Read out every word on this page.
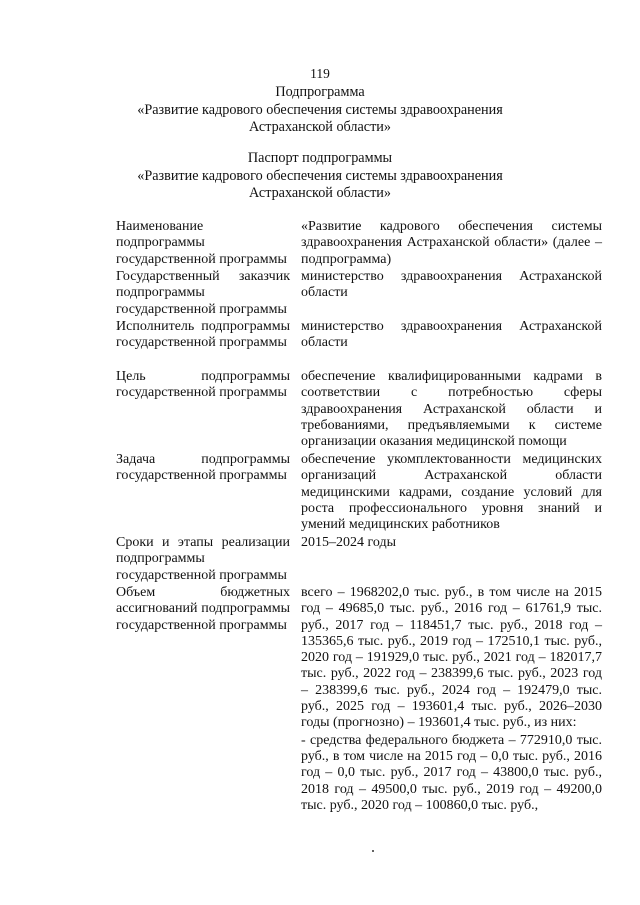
119
Подпрограмма
«Развитие кадрового обеспечения системы здравоохранения
Астраханской области»
Паспорт подпрограммы
«Развитие кадрового обеспечения системы здравоохранения
Астраханской области»
Наименование подпрограммы государственной программы
«Развитие кадрового обеспечения системы здравоохранения Астраханской области» (далее – подпрограмма)
Государственный заказчик подпрограммы государственной программы
министерство здравоохранения Астраханской области
Исполнитель подпрограммы государственной программы
министерство здравоохранения Астраханской области
Цель подпрограммы государственной программы
обеспечение квалифицированными кадрами в соответствии с потребностью сферы здравоохранения Астраханской области и требованиями, предъявляемыми к системе организации оказания медицинской помощи
Задача подпрограммы государственной программы
обеспечение укомплектованности медицинских организаций Астраханской области медицинскими кадрами, создание условий для роста профессионального уровня знаний и умений медицинских работников
Сроки и этапы реализации подпрограммы государственной программы
2015–2024 годы
Объем бюджетных ассигнований подпрограммы государственной программы
всего – 1968202,0 тыс. руб., в том числе на 2015 год – 49685,0 тыс. руб., 2016 год – 61761,9 тыс. руб., 2017 год – 118451,7 тыс. руб., 2018 год – 135365,6 тыс. руб., 2019 год – 172510,1 тыс. руб., 2020 год – 191929,0 тыс. руб., 2021 год – 182017,7 тыс. руб., 2022 год – 238399,6 тыс. руб., 2023 год – 238399,6 тыс. руб., 2024 год – 192479,0 тыс. руб., 2025 год – 193601,4 тыс. руб., 2026–2030 годы (прогнозно) – 193601,4 тыс. руб., из них:
- средства федерального бюджета – 772910,0 тыс. руб., в том числе на 2015 год – 0,0 тыс. руб., 2016 год – 0,0 тыс. руб., 2017 год – 43800,0 тыс. руб., 2018 год – 49500,0 тыс. руб., 2019 год – 49200,0 тыс. руб., 2020 год – 100860,0 тыс. руб.,
